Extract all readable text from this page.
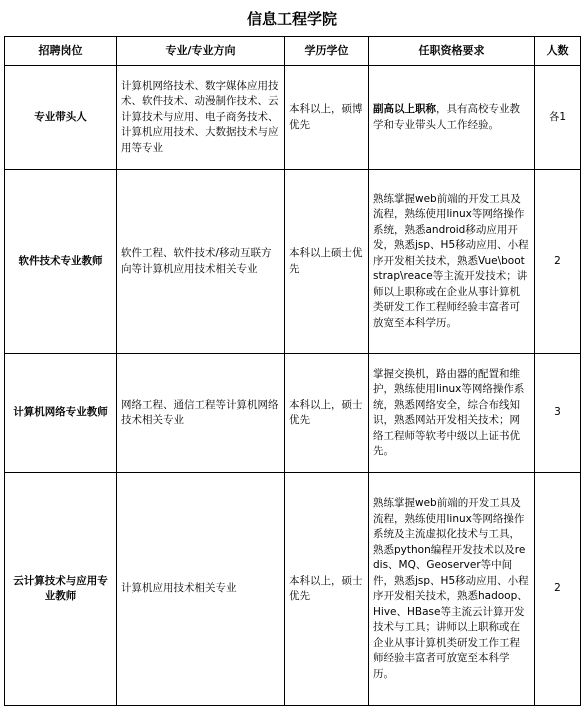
信息工程学院
招聘岗位	专业/专业方向	学历学位	任职资格要求	人数
专业带头人	计算机网络技术、数字媒体应用技术、软件技术、动漫制作技术、云计算技术与应用、电子商务技术、计算机应用技术、大数据技术与应用等专业	本科以上，硕博优先	副高以上职称，具有高校专业教学和专业带头人工作经验。	各1
软件技术专业教师	软件工程、软件技术/移动互联方向等计算机应用技术相关专业	本科以上硕士优先	熟练掌握web前端的开发工具及流程，熟练使用linux等网络操作系统，熟悉android移动应用开发，熟悉jsp、H5移动应用、小程序开发相关技术，熟悉Vue\bootstrap\reace等主流开发技术；讲师以上职称或在企业从事计算机类研发工作工程师经验丰富者可放宽至本科学历。	2
计算机网络专业教师	网络工程、通信工程等计算机网络技术相关专业	本科以上，硕士优先	掌握交换机，路由器的配置和维护，熟练使用linux等网络操作系统，熟悉网络安全，综合布线知识，熟悉网站开发相关技术；网络工程师等软考中级以上证书优先。	3
云计算技术与应用专业教师	计算机应用技术相关专业	本科以上，硕士优先	熟练掌握web前端的开发工具及流程，熟练使用linux等网络操作系统及主流虚拟化技术与工具，熟悉python编程开发技术以及redis、MQ、Geoserver等中间件，熟悉jsp、H5移动应用、小程序开发相关技术，熟悉hadoop、Hive、HBase等主流云计算开发技术与工具；讲师以上职称或在企业从事计算机类研发工作工程师经验丰富者可放宽至本科学历。	2
